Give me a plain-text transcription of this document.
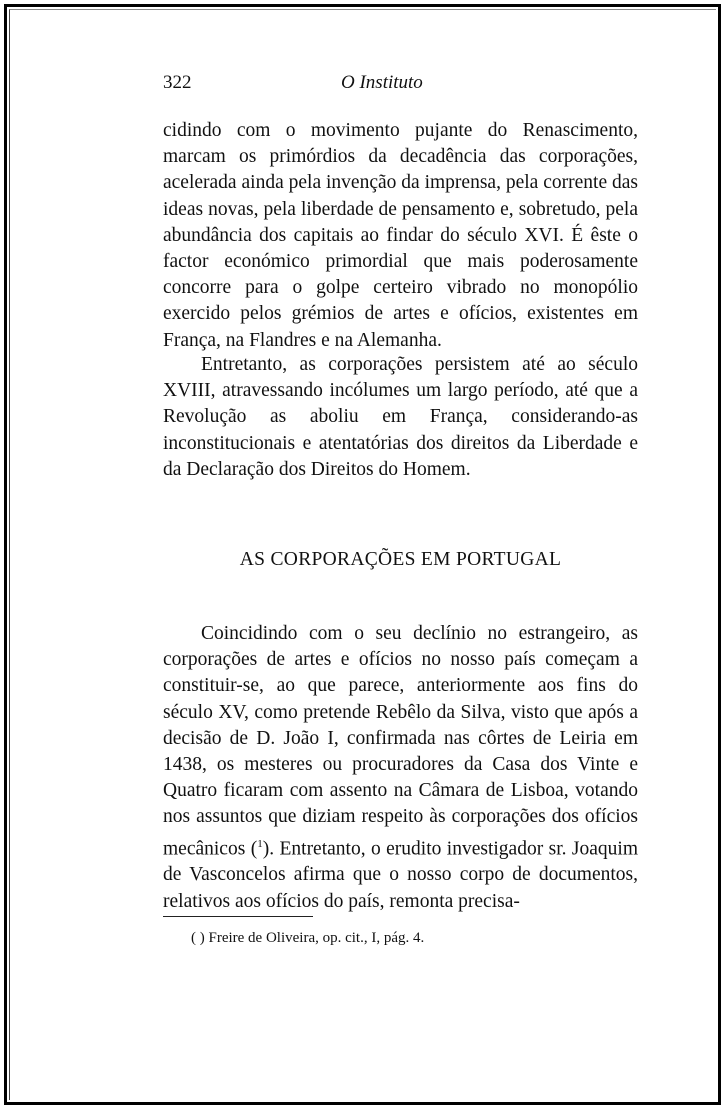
322	O Instituto

cidindo com o movimento pujante do Renascimento, marcam os primórdios da decadência das corporações, acelerada ainda pela invenção da imprensa, pela corrente das ideas novas, pela liberdade de pensamento e, sobretudo, pela abundância dos capitais ao findar do século XVI. É êste o factor económico primordial que mais poderosamente concorre para o golpe certeiro vibrado no monopólio exercido pelos grémios de artes e ofícios, existentes em França, na Flandres e na Alemanha.

Entretanto, as corporações persistem até ao século XVIII, atravessando incólumes um largo período, até que a Revolução as aboliu em França, considerando-as inconstitucionais e atentatórias dos direitos da Liberdade e da Declaração dos Direitos do Homem.

AS CORPORAÇÕES EM PORTUGAL

Coincidindo com o seu declínio no estrangeiro, as corporações de artes e ofícios no nosso país começam a constituir-se, ao que parece, anteriormente aos fins do século XV, como pretende Rebêlo da Silva, visto que após a decisão de D. João I, confirmada nas côrtes de Leiria em 1438, os mesteres ou procuradores da Casa dos Vinte e Quatro ficaram com assento na Câmara de Lisboa, votando nos assuntos que diziam respeito às corporações dos ofícios mecânicos ($^1$). Entretanto, o erudito investigador sr. Joaquim de Vasconcelos afirma que o nosso corpo de documentos, relativos aos ofícios do país, remonta precisa-

( ) Freire de Oliveira, op. cit., I, pág. 4.
